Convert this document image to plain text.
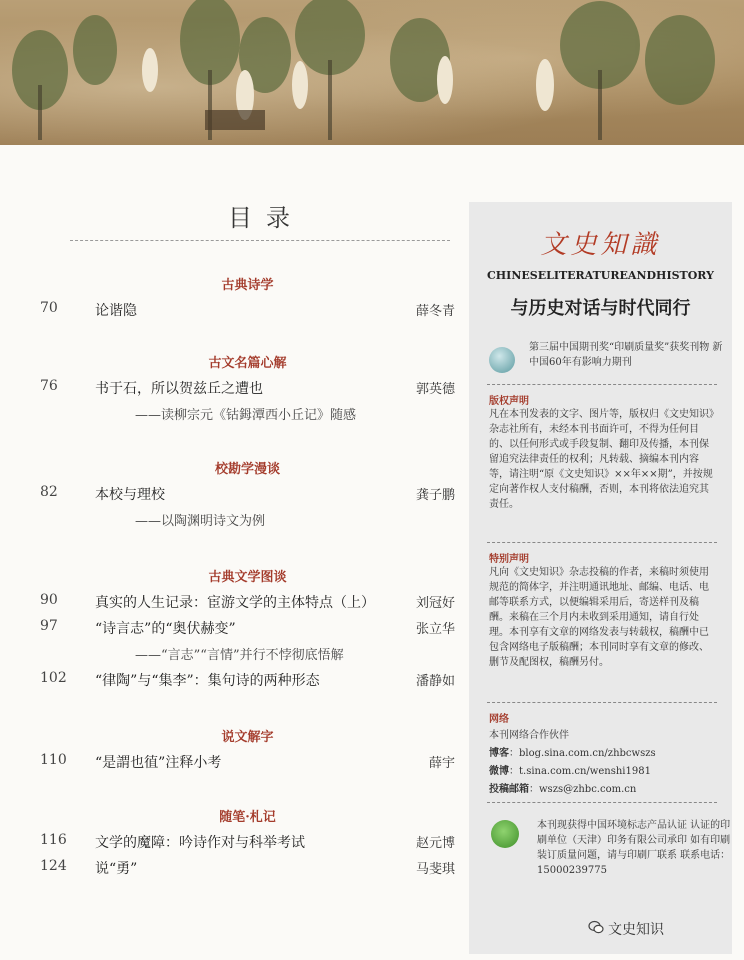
目录
古典诗学
70	论谐隐	薛冬青
古文名篇心解
76	书于石，所以贺兹丘之遭也	郭英德
——读柳宗元《钴鉧潭西小丘记》随感
校勘学漫谈
82	本校与理校	龚子鹏
——以陶渊明诗文为例
古典文学图谈
90	真实的人生记录：宦游文学的主体特点（上）	刘冠好
97	“诗言志”的“奥伏赫变”	张立华
——“言志”“言情”并行不悖彻底悟解
102	“律陶”与“集李”：集句诗的两种形态	潘静如
说文解字
110	“是謂也徝”注释小考	薛宇
随笔·札记
116	文学的魔障：吟诗作对与科举考试	赵元博
124	说“勇”	马斐琪
文史知識
CHINESELITERATUREANDHISTORY
与历史对话与时代同行
第三届中国期刊奖“印刷质量奖”获奖刊物 新中国60年有影响力期刊
版权声明
凡在本刊发表的文字、图片等，版权归《文史知识》杂志社所有，未经本刊书面许可，不得为任何目的、以任何形式或手段复制、翻印及传播，本刊保留追究法律责任的权利；凡转载、摘编本刊内容等，请注明“原《文史知识》××年××期”，并按规定向著作权人支付稿酬，否则，本刊将依法追究其责任。
特别声明
凡向《文史知识》杂志投稿的作者，来稿时须使用规范的简体字，并注明通讯地址、邮编、电话、电邮等联系方式，以便编辑采用后，寄送样刊及稿酬。来稿在三个月内未收到采用通知，请自行处理。本刊享有文章的网络发表与转载权，稿酬中已包含网络电子版稿酬；本刊同时享有文章的修改、删节及配图权，稿酬另付。
网络
本刊网络合作伙伴
博客：blog.sina.com.cn/zhbcwszs
微博：t.sina.com.cn/wenshi1981
投稿邮箱：wszs@zhbc.com.cn
本刊现获得中国环境标志产品认证 认证的印刷单位（天津）印务有限公司承印 如有印刷装订质量问题，请与印刷厂联系 联系电话：15000239775
文史知识
